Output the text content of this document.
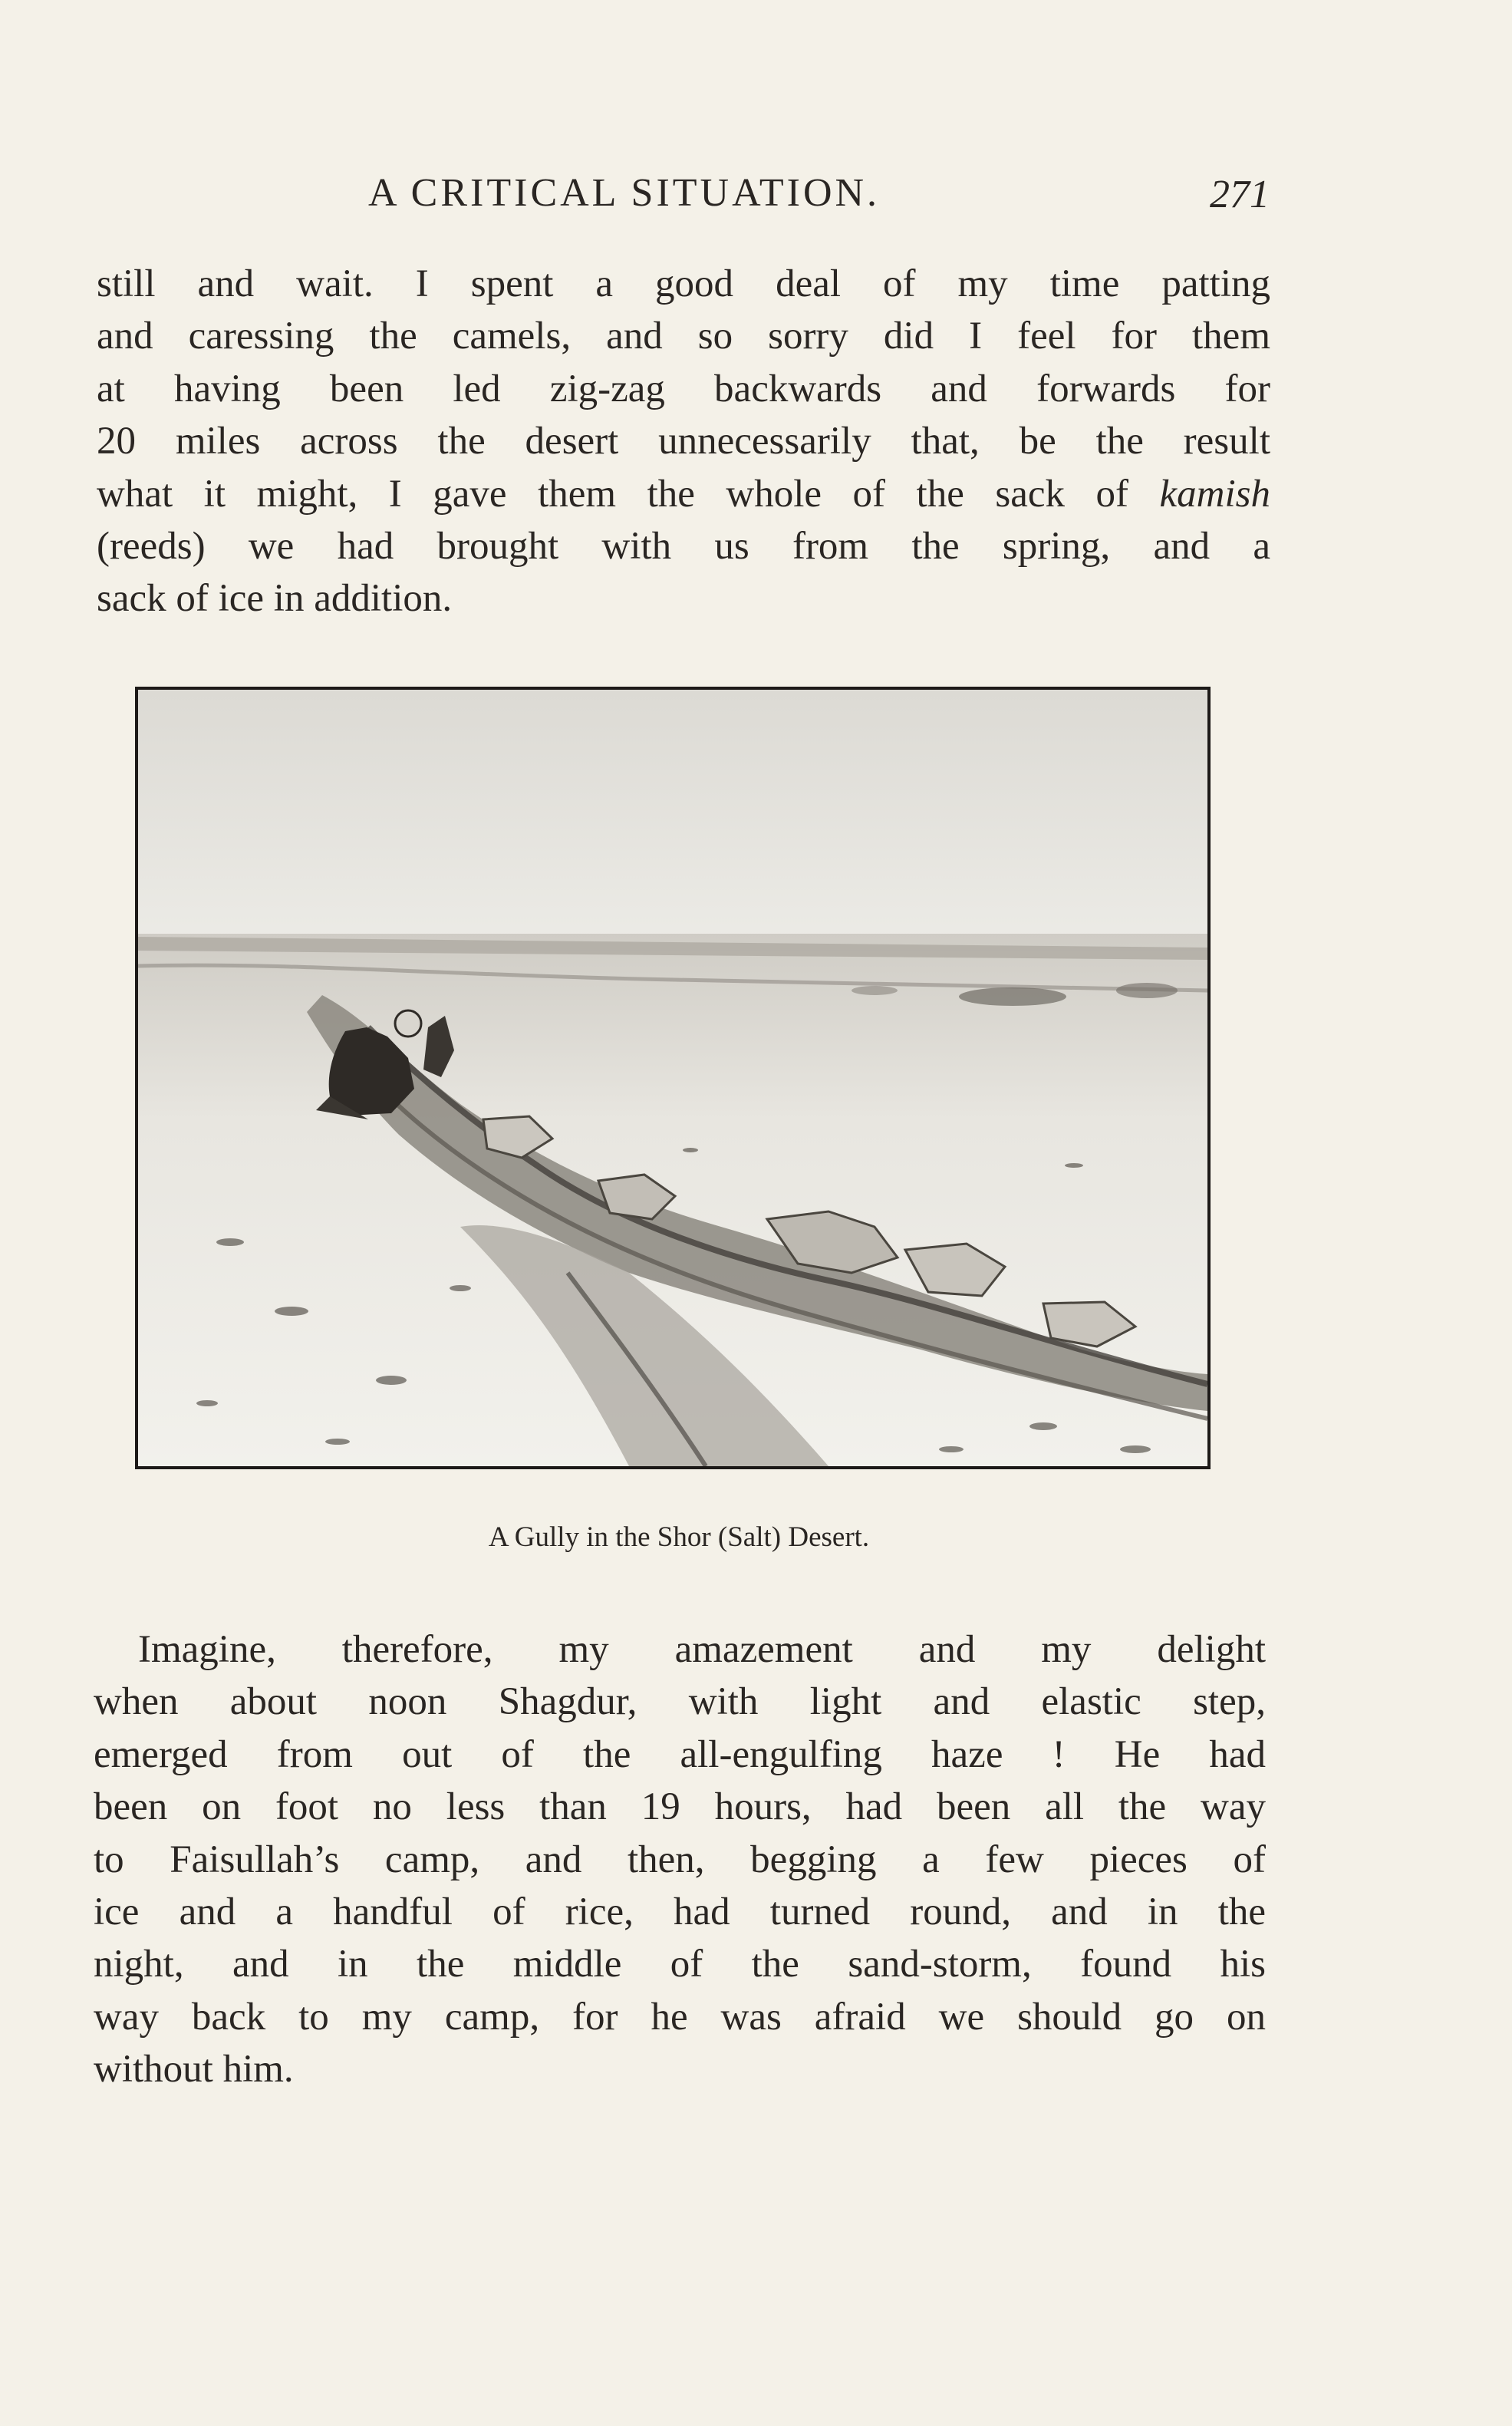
A CRITICAL SITUATION.	271
still and wait. I spent a good deal of my time patting
and caressing the camels, and so sorry did I feel for them
at having been led zig-zag backwards and forwards for
20 miles across the desert unnecessarily that, be the result
what it might, I gave them the whole of the sack of kamish
(reeds) we had brought with us from the spring, and a
sack of ice in addition.
A Gully in the Shor (Salt) Desert.
Imagine, therefore, my amazement and my delight
when about noon Shagdur, with light and elastic step,
emerged from out of the all-engulfing haze ! He had
been on foot no less than 19 hours, had been all the way
to Faisullah’s camp, and then, begging a few pieces of
ice and a handful of rice, had turned round, and in the
night, and in the middle of the sand-storm, found his
way back to my camp, for he was afraid we should go on
without him.
